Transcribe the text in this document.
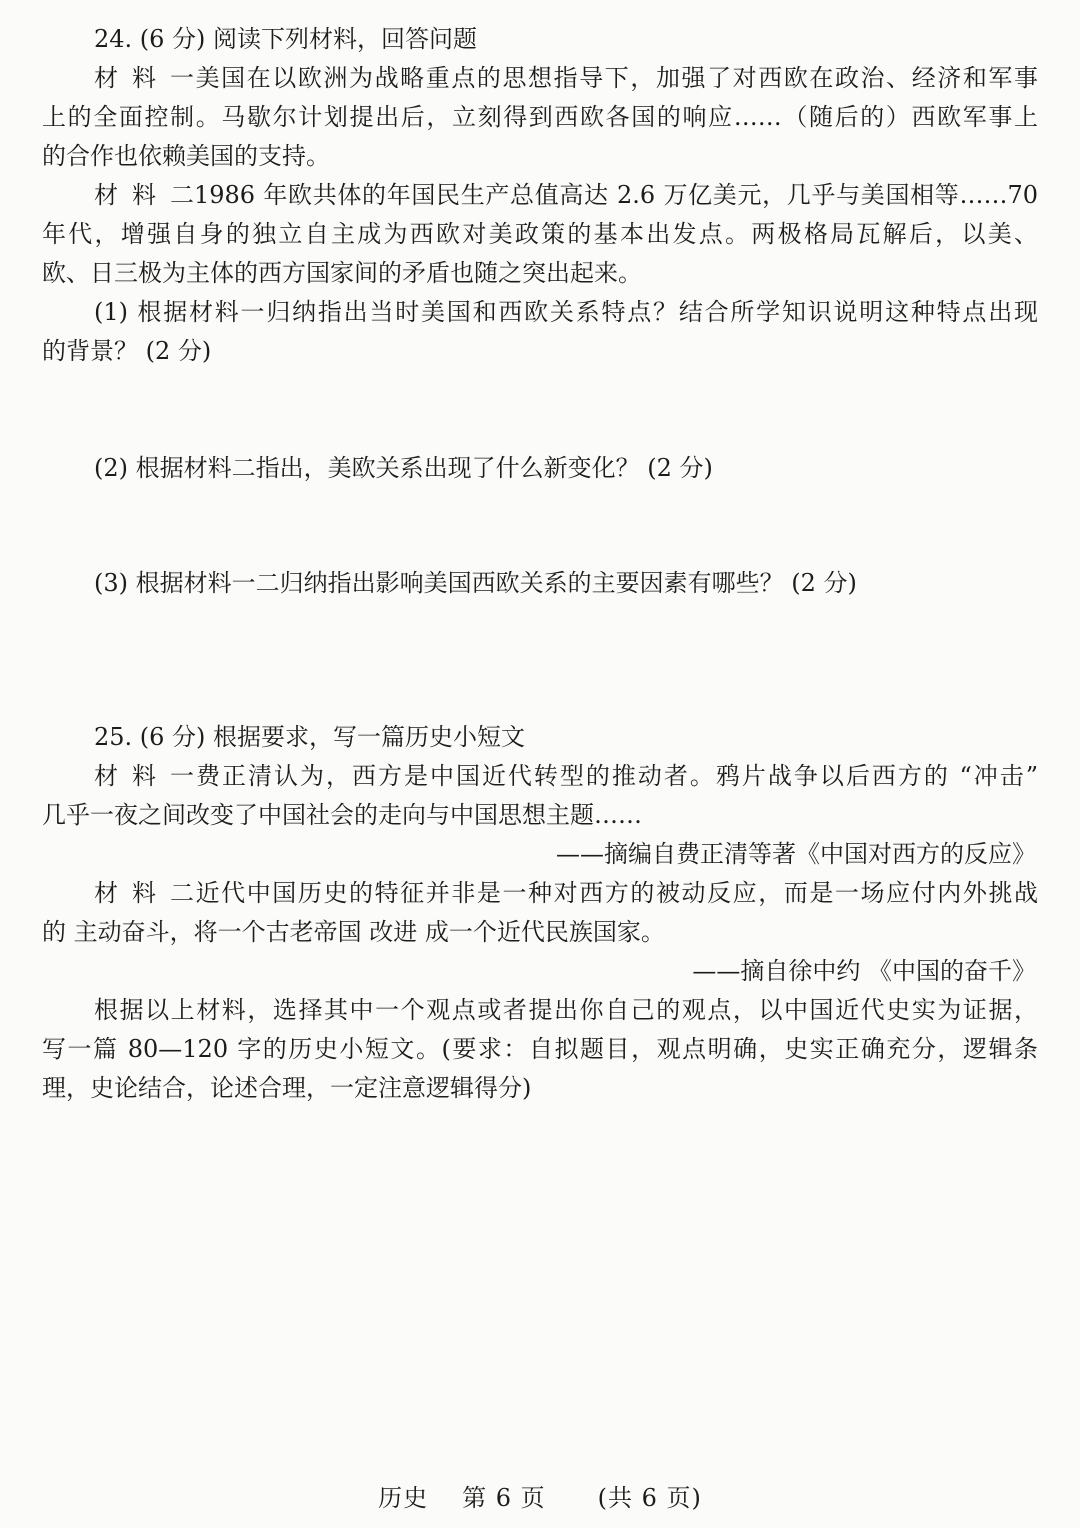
24. (6 分) 阅读下列材料，回答问题
材料一美国在以欧洲为战略重点的思想指导下，加强了对西欧在政治、经济和军事
上的全面控制。马歇尔计划提出后，立刻得到西欧各国的响应……（随后的）西欧军事上
的合作也依赖美国的支持。
材料二1986 年欧共体的年国民生产总值高达 2.6 万亿美元，几乎与美国相等……70
年代，增强自身的独立自主成为西欧对美政策的基本出发点。两极格局瓦解后，以美、
欧、日三极为主体的西方国家间的矛盾也随之突出起来。
(1) 根据材料一归纳指出当时美国和西欧关系特点？结合所学知识说明这种特点出现
的背景？ (2 分)
(2) 根据材料二指出，美欧关系出现了什么新变化？ (2 分)
(3) 根据材料一二归纳指出影响美国西欧关系的主要因素有哪些？ (2 分)
25. (6 分) 根据要求，写一篇历史小短文
材料一费正清认为，西方是中国近代转型的推动者。鸦片战争以后西方的 “冲击”
几乎一夜之间改变了中国社会的走向与中国思想主题……
——摘编自费正清等著《中国对西方的反应》
材料二近代中国历史的特征并非是一种对西方的被动反应，而是一场应付内外挑战
的 主动奋斗，将一个古老帝国 改进 成一个近代民族国家。
——摘自徐中约 《中国的奋千》
根据以上材料，选择其中一个观点或者提出你自己的观点，以中国近代史实为证据，
写一篇 80—120 字的历史小短文。(要求：自拟题目，观点明确，史实正确充分，逻辑条
理，史论结合，论述合理，一定注意逻辑得分)
历史 第 6 页 (共 6 页)
